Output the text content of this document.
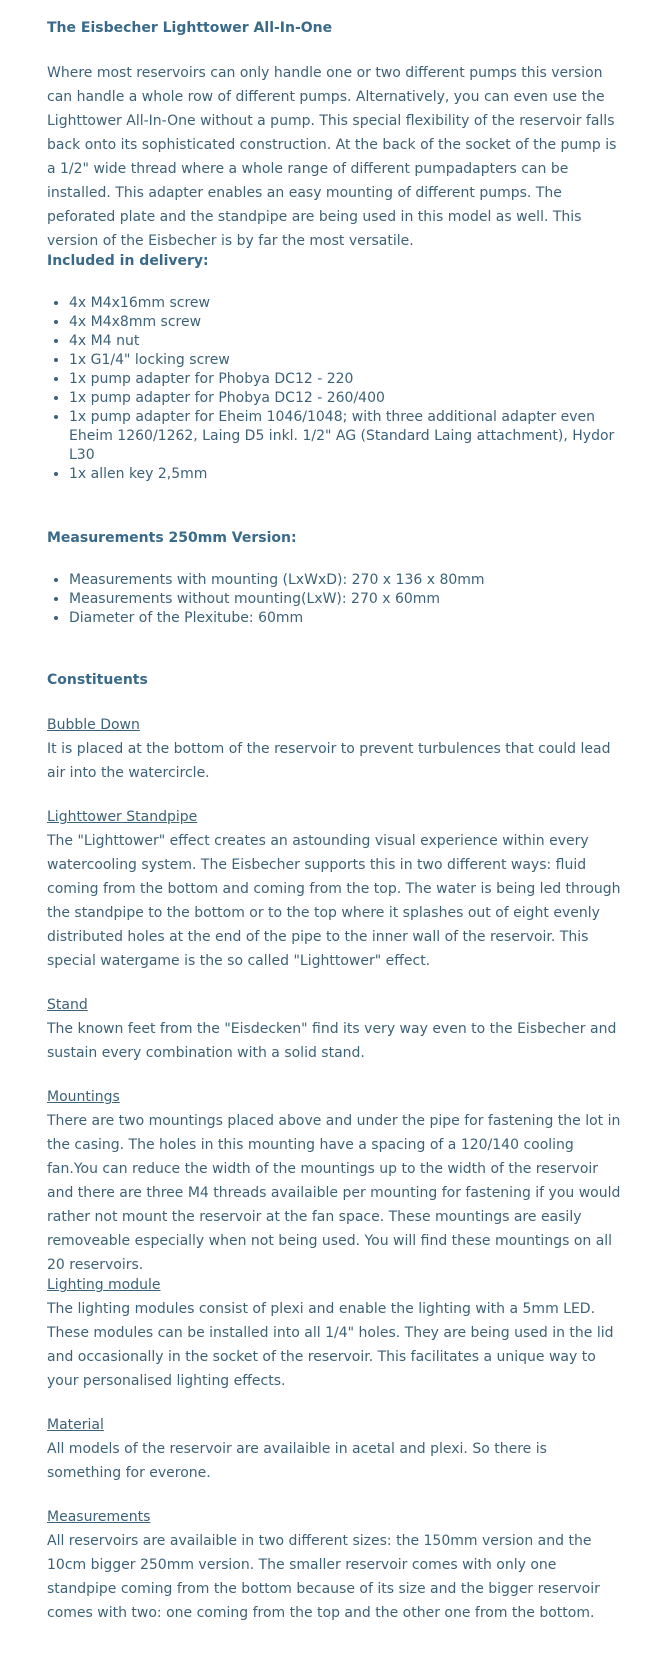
The Eisbecher Lighttower All-In-One
Where most reservoirs can only handle one or two different pumps this version can handle a whole row of different pumps. Alternatively, you can even use the Lighttower All-In-One without a pump. This special flexibility of the reservoir falls back onto its sophisticated construction. At the back of the socket of the pump is a 1/2" wide thread where a whole range of different pumpadapters can be installed. This adapter enables an easy mounting of different pumps. The peforated plate and the standpipe are being used in this model as well. This version of the Eisbecher is by far the most versatile.
Included in delivery:
• 4x M4x16mm screw
• 4x M4x8mm screw
• 4x M4 nut
• 1x G1/4" locking screw
• 1x pump adapter for Phobya DC12 - 220
• 1x pump adapter for Phobya DC12 - 260/400
• 1x pump adapter for Eheim 1046/1048; with three additional adapter even Eheim 1260/1262, Laing D5 inkl. 1/2" AG (Standard Laing attachment), Hydor L30
• 1x allen key 2,5mm
Measurements 250mm Version:
• Measurements with mounting (LxWxD): 270 x 136 x 80mm
• Measurements without mounting(LxW): 270 x 60mm
• Diameter of the Plexitube: 60mm
Constituents
Bubble Down

It is placed at the bottom of the reservoir to prevent turbulences that could lead air into the watercircle.

Lighttower Standpipe

The "Lighttower" effect creates an astounding visual experience within every watercooling system. The Eisbecher supports this in two different ways: fluid coming from the bottom and coming from the top. The water is being led through the standpipe to the bottom or to the top where it splashes out of eight evenly distributed holes at the end of the pipe to the inner wall of the reservoir. This special watergame is the so called "Lighttower" effect.

Stand

The known feet from the "Eisdecken" find its very way even to the Eisbecher and sustain every combination with a solid stand.

Mountings

There are two mountings placed above and under the pipe for fastening the lot in the casing. The holes in this mounting have a spacing of a 120/140 cooling fan.You can reduce the width of the mountings up to the width of the reservoir and there are three M4 threads availaible per mounting for fastening if you would rather not mount the reservoir at the fan space. These mountings are easily removeable especially when not being used. You will find these mountings on all 20 reservoirs.

Lighting module

The lighting modules consist of plexi and enable the lighting with a 5mm LED. These modules can be installed into all 1/4" holes. They are being used in the lid and occasionally in the socket of the reservoir. This facilitates a unique way to your personalised lighting effects.

Material

All models of the reservoir are availaible in acetal and plexi. So there is something for everone.

Measurements

All reservoirs are availaible in two different sizes: the 150mm version and the 10cm bigger 250mm version. The smaller reservoir comes with only one standpipe coming from the bottom because of its size and the bigger reservoir comes with two: one coming from the top and the other one from the bottom.
